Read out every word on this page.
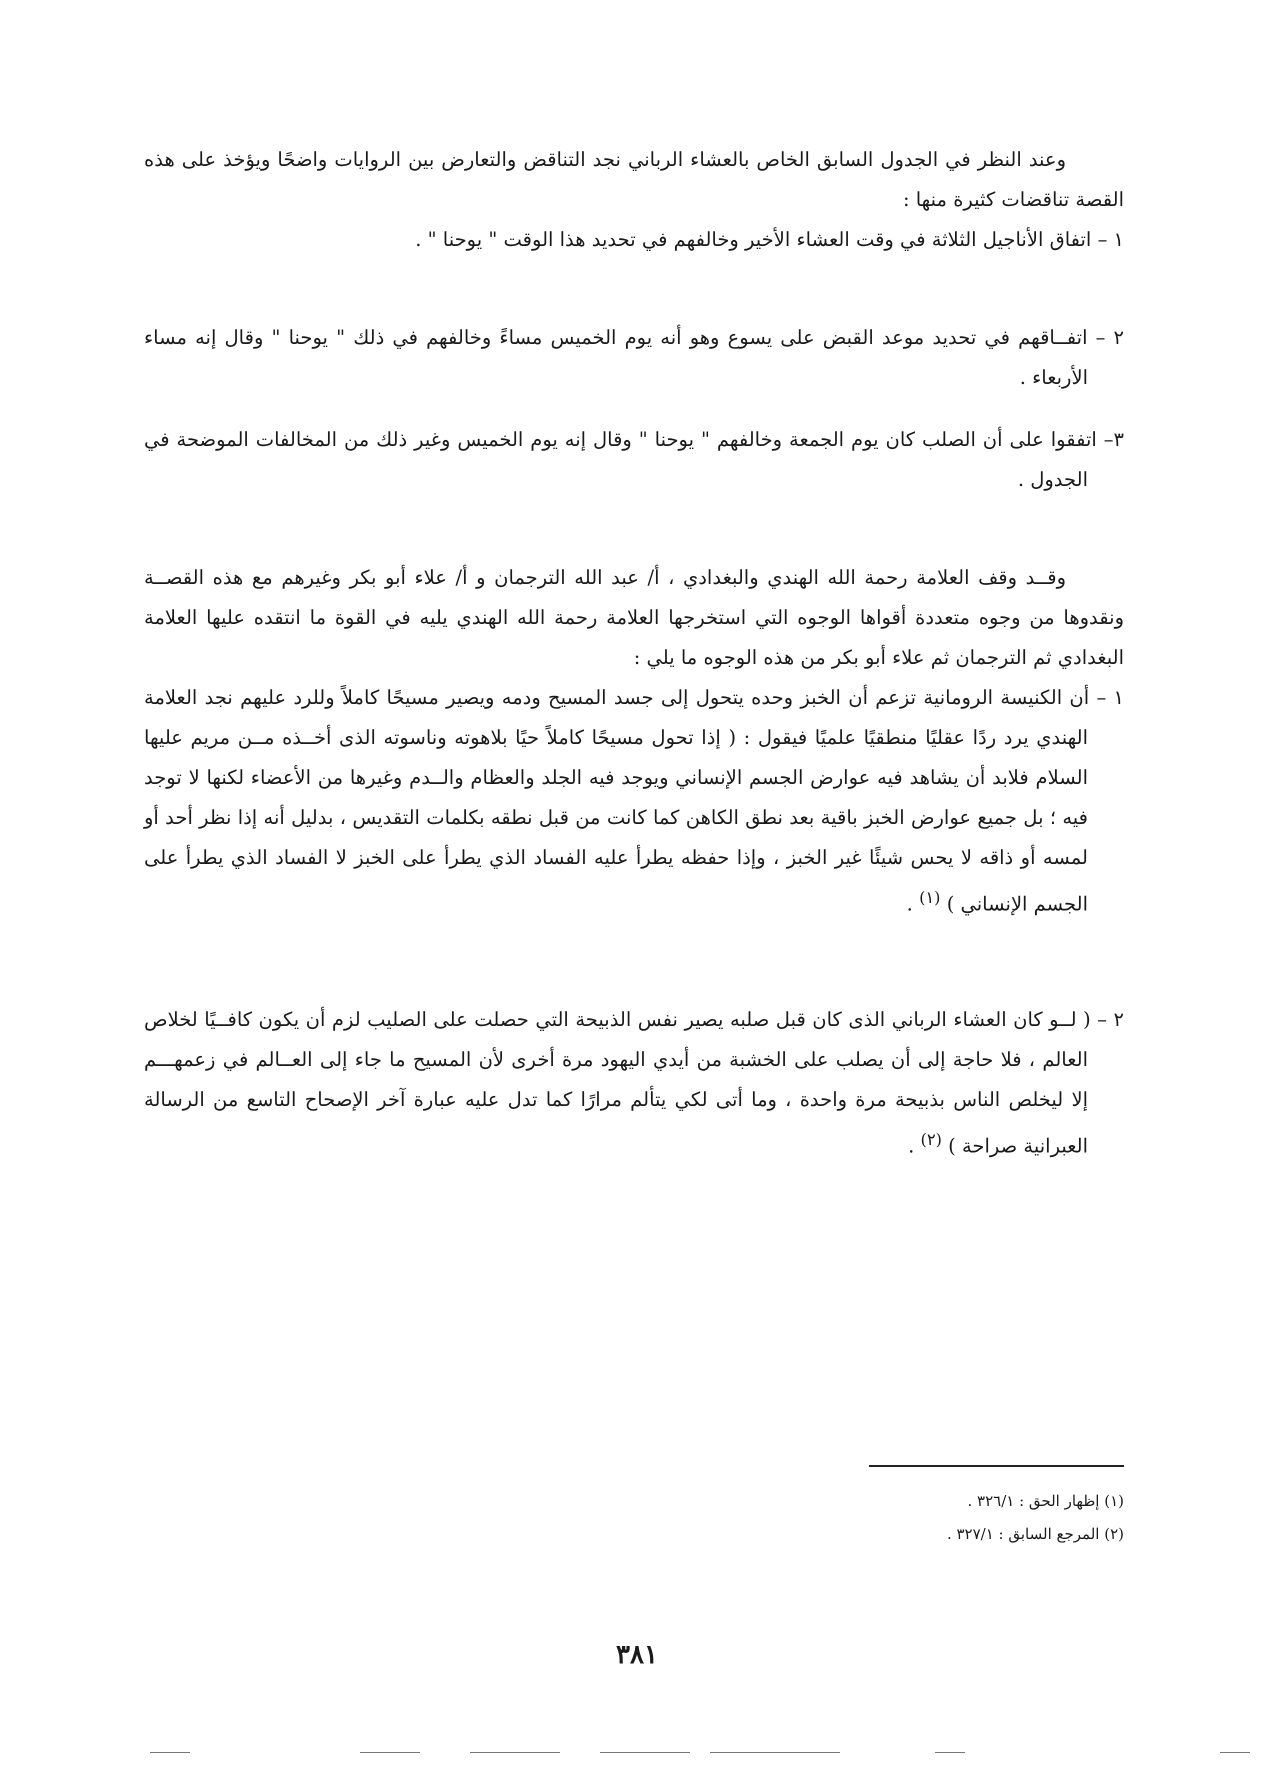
وعند النظر في الجدول السابق الخاص بالعشاء الرباني نجد التناقض والتعارض بين الروايات واضحًا ويؤخذ على هذه القصة تناقضات كثيرة منها :

١ – اتفاق الأناجيل الثلاثة في وقت العشاء الأخير وخالفهم في تحديد هذا الوقت " يوحنا " .

٢ – اتفــاقهم في تحديد موعد القبض على يسوع وهو أنه يوم الخميس مساءً وخالفهم في ذلك " يوحنا " وقال إنه مساء الأربعاء .

٣– اتفقوا على أن الصلب كان يوم الجمعة وخالفهم " يوحنا " وقال إنه يوم الخميس وغير ذلك من المخالفات الموضحة في الجدول .

وقــد وقف العلامة رحمة الله الهندي والبغدادي ، أ/ عبد الله الترجمان و أ/ علاء أبو بكر وغيرهم مع هذه القصــة ونقدوها من وجوه متعددة أقواها الوجوه التي استخرجها العلامة رحمة الله الهندي يليه في القوة ما انتقده عليها العلامة البغدادي ثم الترجمان ثم علاء أبو بكر من هذه الوجوه ما يلي :

١ – أن الكنيسة الرومانية تزعم أن الخبز وحده يتحول إلى جسد المسيح ودمه ويصير مسيحًا كاملاً وللرد عليهم نجد العلامة الهندي يرد ردًا عقليًا منطقيًا علميًا فيقول : ( إذا تحول مسيحًا كاملاً حيًا بلاهوته وناسوته الذى أخــذه مــن مريم عليها السلام فلابد أن يشاهد فيه عوارض الجسم الإنساني ويوجد فيه الجلد والعظام والــدم وغيرها من الأعضاء لكنها لا توجد فيه ؛ بل جميع عوارض الخبز باقية بعد نطق الكاهن كما كانت من قبل نطقه بكلمات التقديس ، بدليل أنه إذا نظر أحد أو لمسه أو ذاقه لا يحس شيئًا غير الخبز ، وإذا حفظه يطرأ عليه الفساد الذي يطرأ على الخبز لا الفساد الذي يطرأ على الجسم الإنساني ) $^{(١)}$ .

٢ – ( لــو كان العشاء الرباني الذى كان قبل صلبه يصير نفس الذبيحة التي حصلت على الصليب لزم أن يكون كافــيًا لخلاص العالم ، فلا حاجة إلى أن يصلب على الخشبة من أيدي اليهود مرة أخرى لأن المسيح ما جاء إلى العــالم في زعمهـــم إلا ليخلص الناس بذبيحة مرة واحدة ، وما أتى لكي يتألم مرارًا كما تدل عليه عبارة آخر الإصحاح التاسع من الرسالة العبرانية صراحة ) $^{(٢)}$ .

(١) إظهار الحق : ٣٢٦/١ .

(٢) المرجع السابق : ٣٢٧/١ .

٣٨١
